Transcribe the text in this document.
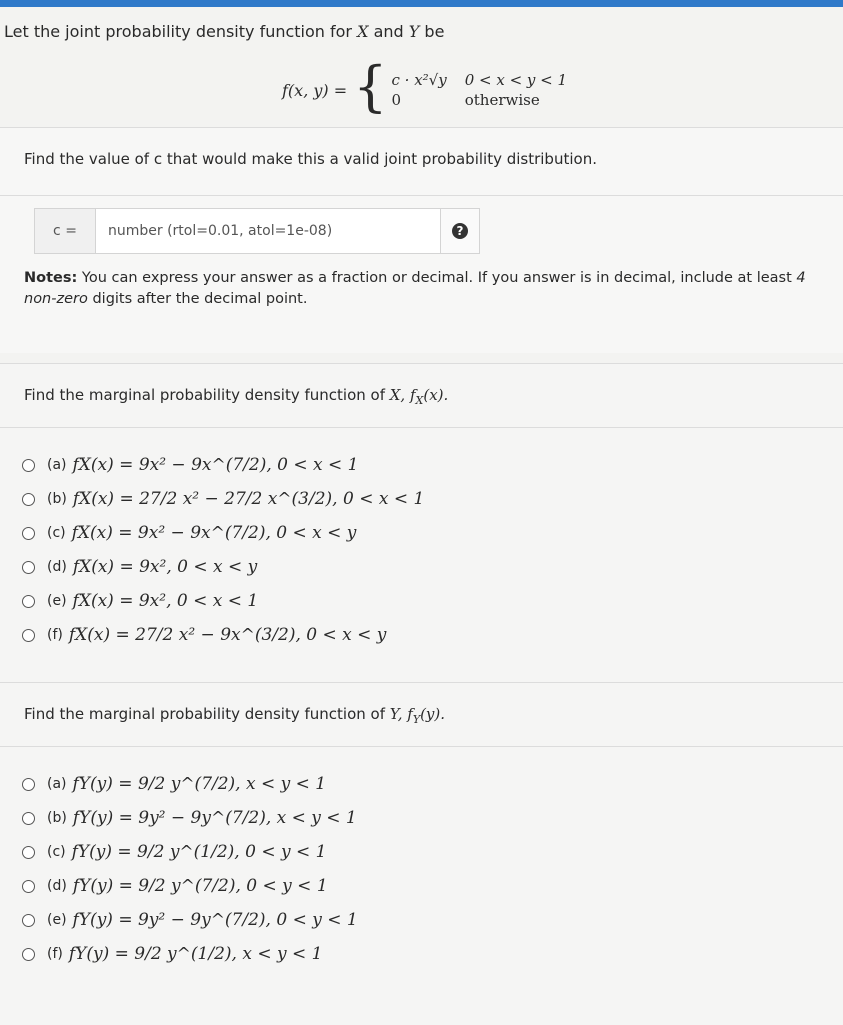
Let the joint probability density function for X and Y be
f(x, y) = { c · x²√y 0 < x < y < 1
0	otherwise
Find the value of c that would make this a valid joint probability distribution.
c =
number (rtol=0.01, atol=1e-08)	?
Notes: You can express your answer as a fraction or decimal. If you answer is in decimal, include at least 4 non-zero digits after the decimal point.
Find the marginal probability density function of X, $f_X(x)$.
(a) fX(x) = 9x² − 9x^(7/2), 0 < x < 1
(b) fX(x) = 27/2 x² − 27/2 x^(3/2), 0 < x < 1
(c) fX(x) = 9x² − 9x^(7/2), 0 < x < y
(d) fX(x) = 9x², 0 < x < y
(e) fX(x) = 9x², 0 < x < 1
(f) fX(x) = 27/2 x² − 9x^(3/2), 0 < x < y
Find the marginal probability density function of Y, $f_Y(y)$.
(a) fY(y) = 9/2 y^(7/2), x < y < 1
(b) fY(y) = 9y² − 9y^(7/2), x < y < 1
(c) fY(y) = 9/2 y^(1/2), 0 < y < 1
(d) fY(y) = 9/2 y^(7/2), 0 < y < 1
(e) fY(y) = 9y² − 9y^(7/2), 0 < y < 1
(f) fY(y) = 9/2 y^(1/2), x < y < 1
